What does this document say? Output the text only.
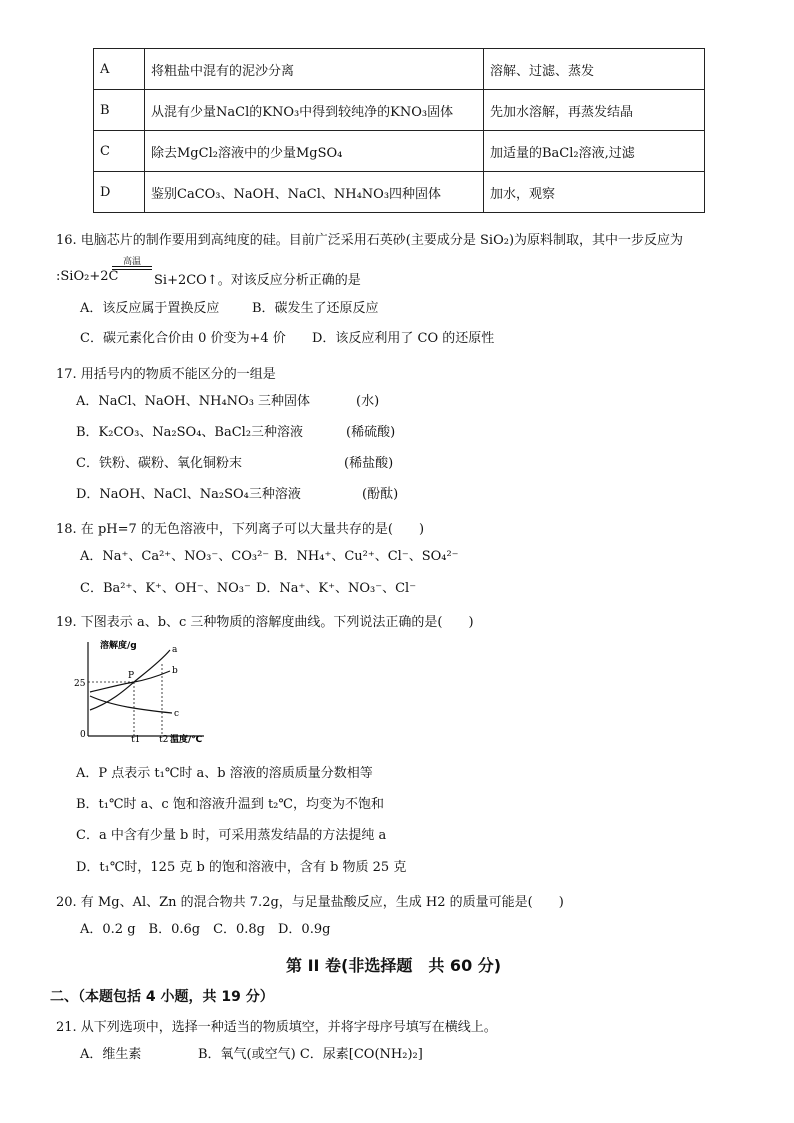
A	将粗盐中混有的泥沙分离	溶解、过滤、蒸发
B	从混有少量NaCl的KNO₃中得到较纯净的KNO₃固体	先加水溶解，再蒸发结晶
C	除去MgCl₂溶液中的少量MgSO₄	加适量的BaCl₂溶液,过滤
D	鉴别CaCO₃、NaOH、NaCl、NH₄NO₃四种固体	加水，观察
16. 电脑芯片的制作要用到高纯度的硅。目前广泛采用石英砂(主要成分是 SiO₂)为原料制取，其中一步反应为
:SiO₂+2C
高温
Si+2CO↑。对该反应分析正确的是
A．该反应属于置换反应	B．碳发生了还原反应
C．碳元素化合价由 0 价变为+4 价 D．该反应利用了 CO 的还原性
17. 用括号内的物质不能区分的一组是
A．NaCl、NaOH、NH₄NO₃ 三种固体	(水)
B．K₂CO₃、Na₂SO₄、BaCl₂三种溶液	(稀硫酸)
C．铁粉、碳粉、氧化铜粉末	(稀盐酸)
D．NaOH、NaCl、Na₂SO₄三种溶液	(酚酞)
18. 在 pH=7 的无色溶液中，下列离子可以大量共存的是(　　)
A．Na⁺、Ca²⁺、NO₃⁻、CO₃²⁻ B．NH₄⁺、Cu²⁺、Cl⁻、SO₄²⁻
C．Ba²⁺、K⁺、OH⁻、NO₃⁻ D．Na⁺、K⁺、NO₃⁻、Cl⁻
19. 下图表示 a、b、c 三种物质的溶解度曲线。下列说法正确的是(　　)
溶解度/g
25
P
a
b
c
0	t1 t2 温度/℃
A．P 点表示 t₁℃时 a、b 溶液的溶质质量分数相等
B．t₁℃时 a、c 饱和溶液升温到 t₂℃，均变为不饱和
C．a 中含有少量 b 时，可采用蒸发结晶的方法提纯 a
D．t₁℃时，125 克 b 的饱和溶液中，含有 b 物质 25 克
20. 有 Mg、Al、Zn 的混合物共 7.2g，与足量盐酸反应，生成 H2 的质量可能是(　　)
A．0.2 g　B．0.6g　C．0.8g　D．0.9g
第 II 卷(非选择题　共 60 分)
二、（本题包括 4 小题，共 19 分）
21. 从下列选项中，选择一种适当的物质填空，并将字母序号填写在横线上。
A．维生素	B．氧气(或空气) C．尿素[CO(NH₂)₂]
